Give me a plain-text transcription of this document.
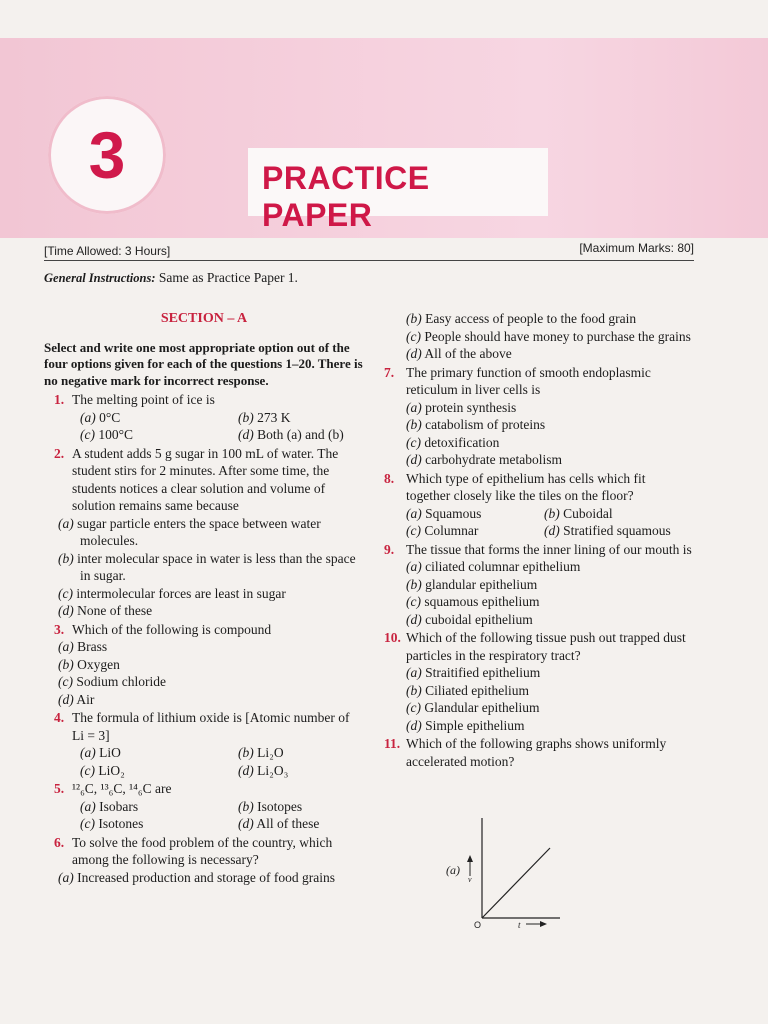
3	PRACTICE PAPER
[Time Allowed: 3 Hours]	[Maximum Marks: 80]
General Instructions: Same as Practice Paper 1.
SECTION – A
Select and write one most appropriate option out of the four options given for each of the questions 1–20. There is no negative mark for incorrect response.
1. The melting point of ice is
(a) 0°C	(b) 273 K
(c) 100°C	(d) Both (a) and (b)
2. A student adds 5 g sugar in 100 mL of water. The student stirs for 2 minutes. After some time, the students notices a clear solution and volume of solution remains same because
(a) sugar particle enters the space between water molecules.
(b) inter molecular space in water is less than the space in sugar.
(c) intermolecular forces are least in sugar
(d) None of these
3. Which of the following is compound
(a) Brass
(b) Oxygen
(c) Sodium chloride
(d) Air
4. The formula of lithium oxide is [Atomic number of Li = 3]
(a) LiO	(b) Li₂O
(c) LiO₂	(d) Li₂O₃
5. ¹²₆C, ¹³₆C, ¹⁴₆C are
(a) Isobars	(b) Isotopes
(c) Isotones	(d) All of these
6. To solve the food problem of the country, which among the following is necessary?
(a) Increased production and storage of food grains
(b) Easy access of people to the food grain
(c) People should have money to purchase the grains
(d) All of the above
7. The primary function of smooth endoplasmic reticulum in liver cells is
(a) protein synthesis
(b) catabolism of proteins
(c) detoxification
(d) carbohydrate metabolism
8. Which type of epithelium has cells which fit together closely like the tiles on the floor?
(a) Squamous	(b) Cuboidal
(c) Columnar	(d) Stratified squamous
9. The tissue that forms the inner lining of our mouth is
(a) ciliated columnar epithelium
(b) glandular epithelium
(c) squamous epithelium
(d) cuboidal epithelium
10. Which of the following tissue push out trapped dust particles in the respiratory tract?
(a) Straitified epithelium
(b) Ciliated epithelium
(c) Glandular epithelium
(d) Simple epithelium
11. Which of the following graphs shows uniformly accelerated motion?
(a)
v
O	t
